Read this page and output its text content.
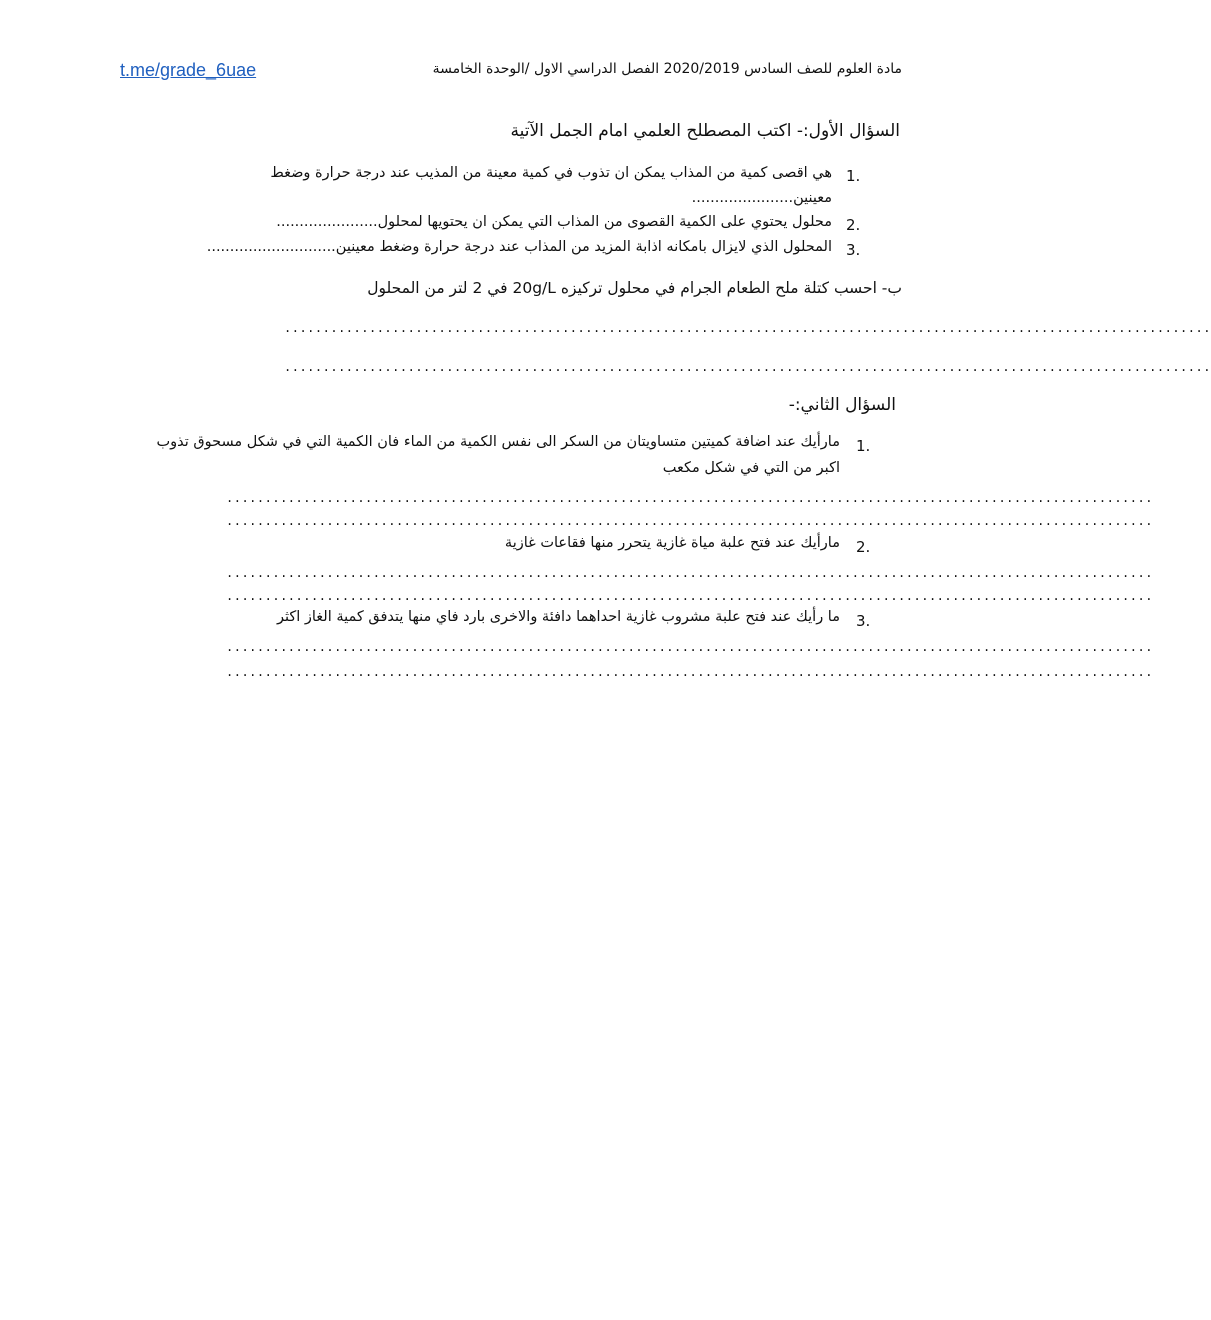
t.me/grade_6uae	مادة العلوم للصف السادس 2020/2019 الفصل الدراسي الاول /الوحدة الخامسة
السؤال الأول:- اكتب المصطلح العلمي امام الجمل الآتية
1.
هي اقصى كمية من المذاب يمكن ان تذوب في كمية معينة من المذيب عند درجة حرارة وضغط
معينين......................
2.
محلول يحتوي على الكمية القصوى من المذاب التي يمكن ان يحتويها لمحلول......................
3.
المحلول الذي لايزال بامكانه اذابة المزيد من المذاب عند درجة حرارة وضغط معينين............................
ب- احسب كتلة ملح الطعام الجرام في محلول تركيزه 20g/L في 2 لتر من المحلول
........................................................................................................................
........................................................................................................................
السؤال الثاني:-
1.
مارأيك عند اضافة كميتين متساويتان من السكر الى نفس الكمية من الماء فان الكمية التي في شكل مسحوق تذوب
اكبر من التي في شكل مكعب
........................................................................................................................
........................................................................................................................
2.
مارأيك عند فتح علبة مياة غازية يتحرر منها فقاعات غازية
........................................................................................................................
........................................................................................................................
3.
ما رأيك عند فتح علبة مشروب غازية احداهما دافئة والاخرى بارد فاي منها يتدفق كمية الغاز اكثر
........................................................................................................................
........................................................................................................................
